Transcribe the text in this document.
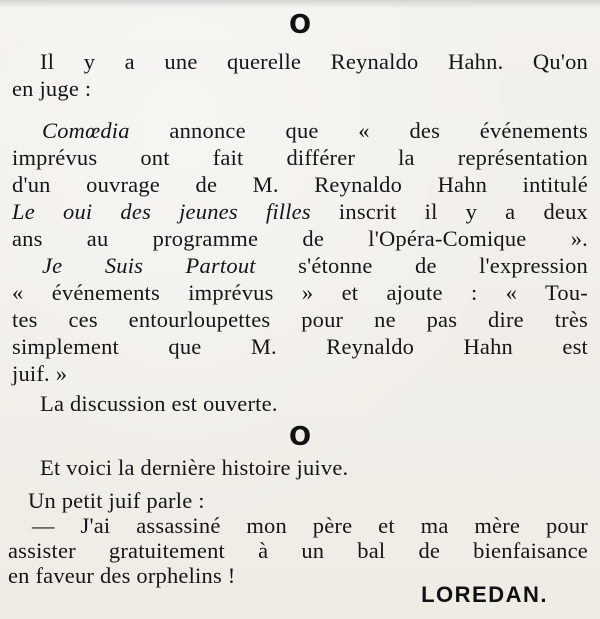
O
Il y a une querelle Reynaldo Hahn. Qu'on
en juge :
Comœdia annonce que « des événements
imprévus ont fait différer la représentation
d'un ouvrage de M. Reynaldo Hahn intitulé
Le oui des jeunes filles inscrit il y a deux
ans au programme de l'Opéra-Comique ».
Je Suis Partout s'étonne de l'expression
« événements imprévus » et ajoute : « Tou-
tes ces entourloupettes pour ne pas dire très
simplement que M. Reynaldo Hahn est
juif. »
La discussion est ouverte.
O
Et voici la dernière histoire juive.
Un petit juif parle :
— J'ai assassiné mon père et ma mère pour
assister gratuitement à un bal de bienfaisance
en faveur des orphelins !
LOREDAN.
